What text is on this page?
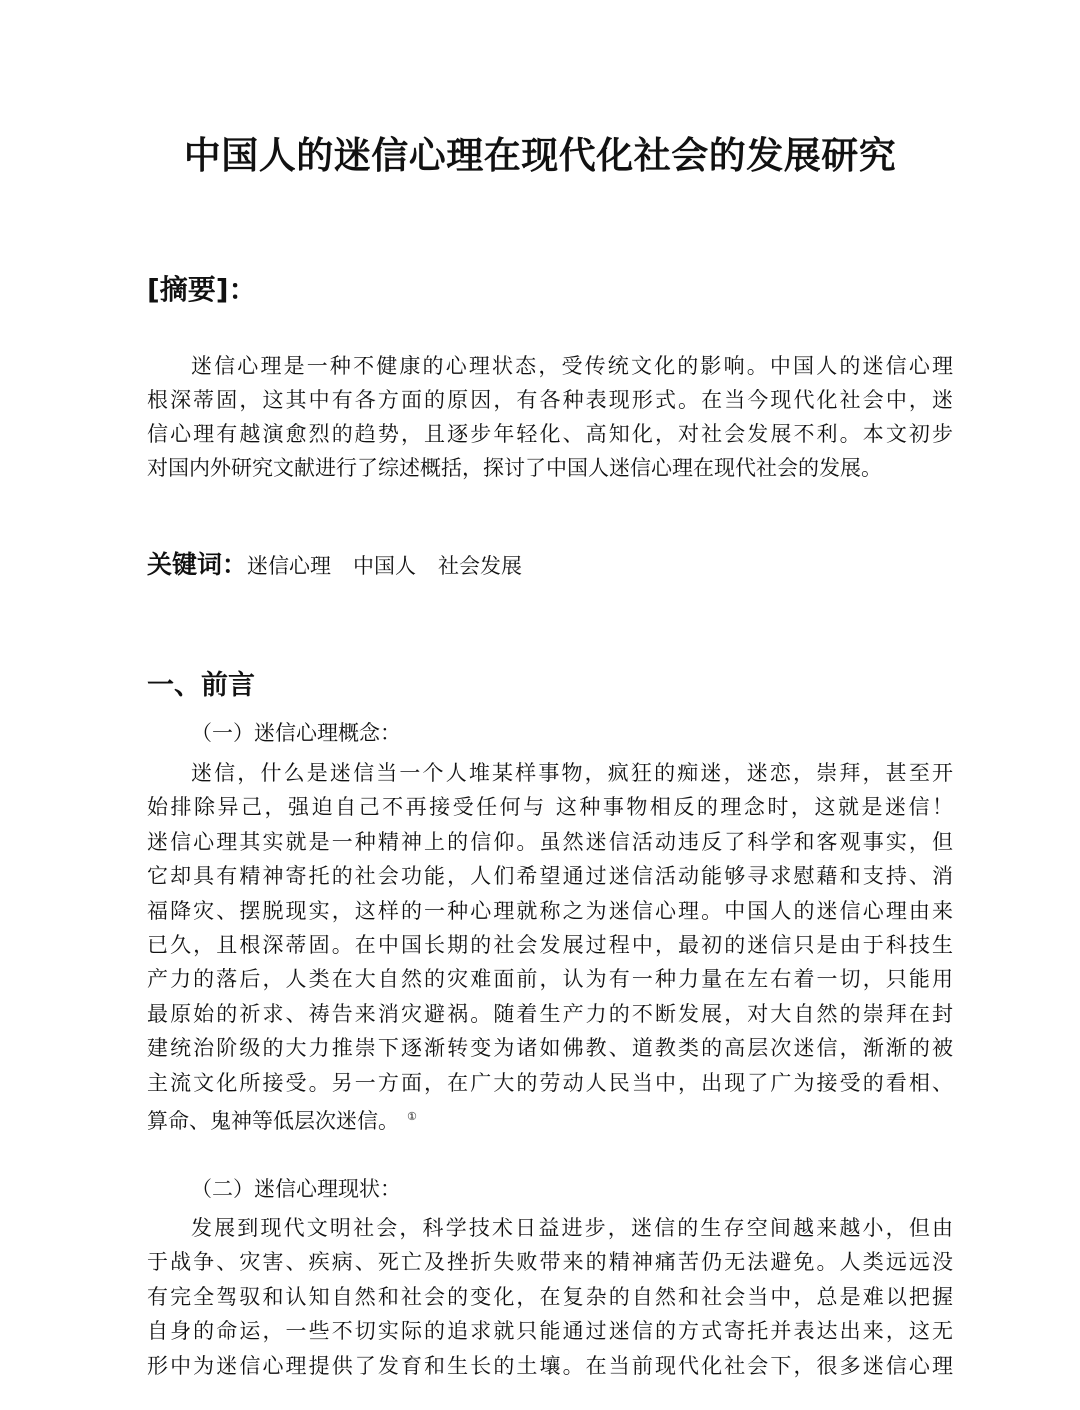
中国人的迷信心理在现代化社会的发展研究
[摘要]：
迷信心理是一种不健康的心理状态，受传统文化的影响。中国人的迷信心理
根深蒂固，这其中有各方面的原因，有各种表现形式。在当今现代化社会中，迷
信心理有越演愈烈的趋势，且逐步年轻化、高知化，对社会发展不利。本文初步
对国内外研究文献进行了综述概括，探讨了中国人迷信心理在现代社会的发展。
关键词：迷信心理 中国人 社会发展
一、前言
（一）迷信心理概念：
迷信，什么是迷信当一个人堆某样事物，疯狂的痴迷，迷恋，崇拜，甚至开
始排除异己，强迫自己不再接受任何与 这种事物相反的理念时，这就是迷信！
迷信心理其实就是一种精神上的信仰。虽然迷信活动违反了科学和客观事实，但
它却具有精神寄托的社会功能，人们希望通过迷信活动能够寻求慰藉和支持、消
福降灾、摆脱现实，这样的一种心理就称之为迷信心理。中国人的迷信心理由来
已久，且根深蒂固。在中国长期的社会发展过程中，最初的迷信只是由于科技生
产力的落后，人类在大自然的灾难面前，认为有一种力量在左右着一切，只能用
最原始的祈求、祷告来消灾避祸。随着生产力的不断发展，对大自然的崇拜在封
建统治阶级的大力推崇下逐渐转变为诸如佛教、道教类的高层次迷信，渐渐的被
主流文化所接受。另一方面，在广大的劳动人民当中，出现了广为接受的看相、
算命、鬼神等低层次迷信。 ①
（二）迷信心理现状：
发展到现代文明社会，科学技术日益进步，迷信的生存空间越来越小，但由
于战争、灾害、疾病、死亡及挫折失败带来的精神痛苦仍无法避免。人类远远没
有完全驾驭和认知自然和社会的变化，在复杂的自然和社会当中，总是难以把握
自身的命运，一些不切实际的追求就只能通过迷信的方式寄托并表达出来，这无
形中为迷信心理提供了发育和生长的土壤。在当前现代化社会下，很多迷信心理
